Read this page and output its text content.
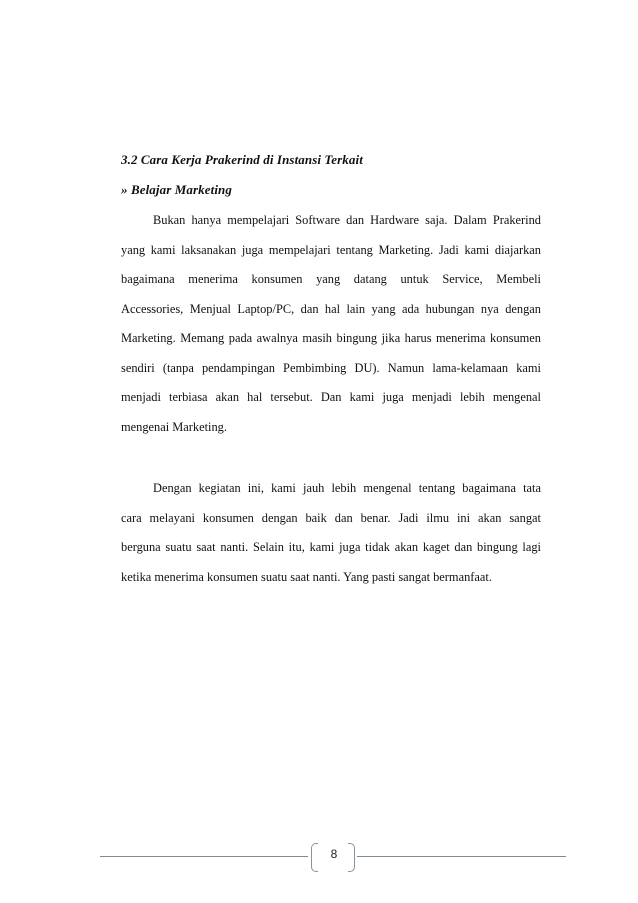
3.2 Cara Kerja Prakerind di Instansi Terkait
» Belajar Marketing
Bukan hanya mempelajari Software dan Hardware saja. Dalam Prakerind
yang kami laksanakan juga mempelajari tentang Marketing. Jadi kami diajarkan
bagaimana menerima konsumen yang datang untuk Service, Membeli
Accessories, Menjual Laptop/PC, dan hal lain yang ada hubungan nya dengan
Marketing. Memang pada awalnya masih bingung jika harus menerima konsumen
sendiri (tanpa pendampingan Pembimbing DU). Namun lama-kelamaan kami
menjadi terbiasa akan hal tersebut. Dan kami juga menjadi lebih mengenal
mengenai Marketing.
Dengan kegiatan ini, kami jauh lebih mengenal tentang bagaimana tata
cara melayani konsumen dengan baik dan benar. Jadi ilmu ini akan sangat
berguna suatu saat nanti. Selain itu, kami juga tidak akan kaget dan bingung lagi
ketika menerima konsumen suatu saat nanti. Yang pasti sangat bermanfaat.
8
